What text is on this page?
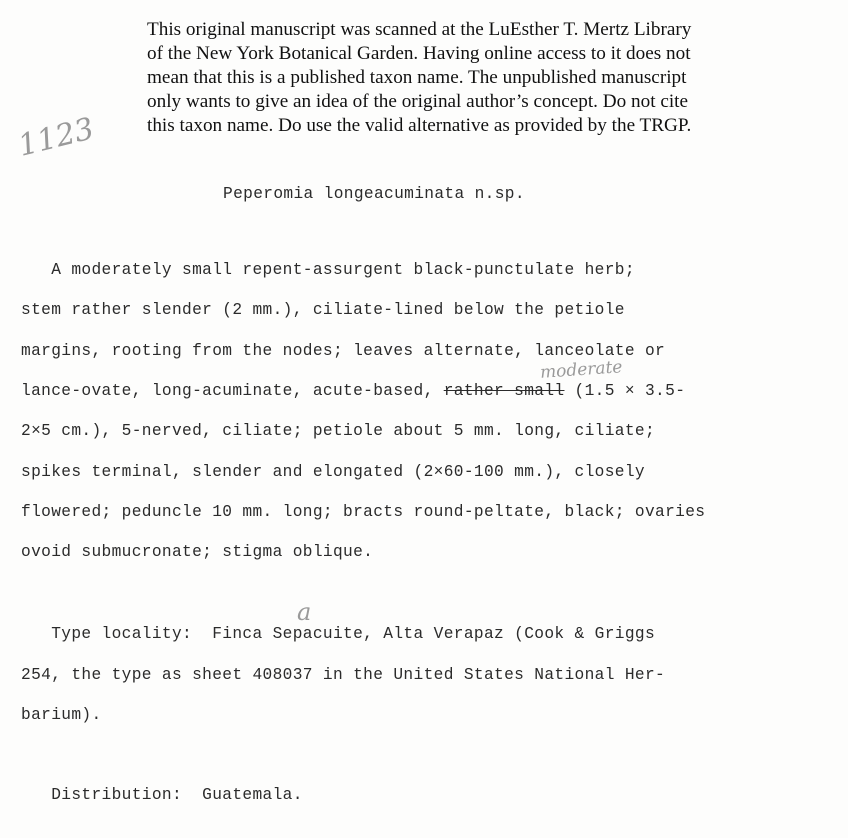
This original manuscript was scanned at the LuEsther T. Mertz Library
of the New York Botanical Garden. Having online access to it does not
mean that this is a published taxon name. The unpublished manuscript
only wants to give an idea of the original author’s concept. Do not cite
this taxon name. Do use the valid alternative as provided by the TRGP.
1123
Peperomia longeacuminata n.sp.
A moderately small repent-assurgent black-punctulate herb;
stem rather slender (2 mm.), ciliate-lined below the petiole
margins, rooting from the nodes; leaves alternate, lanceolate or
lance-ovate, long-acuminate, acute-based, rather small (1.5 × 3.5-
moderate
2×5 cm.), 5-nerved, ciliate; petiole about 5 mm. long, ciliate;
spikes terminal, slender and elongated (2×60-100 mm.), closely
flowered; peduncle 10 mm. long; bracts round-peltate, black; ovaries
ovoid submucronate; stigma oblique.
a
Type locality:  Finca Sepacuite, Alta Verapaz (Cook & Griggs
254, the type as sheet 408037 in the United States National Her-
barium).
Distribution:  Guatemala.
